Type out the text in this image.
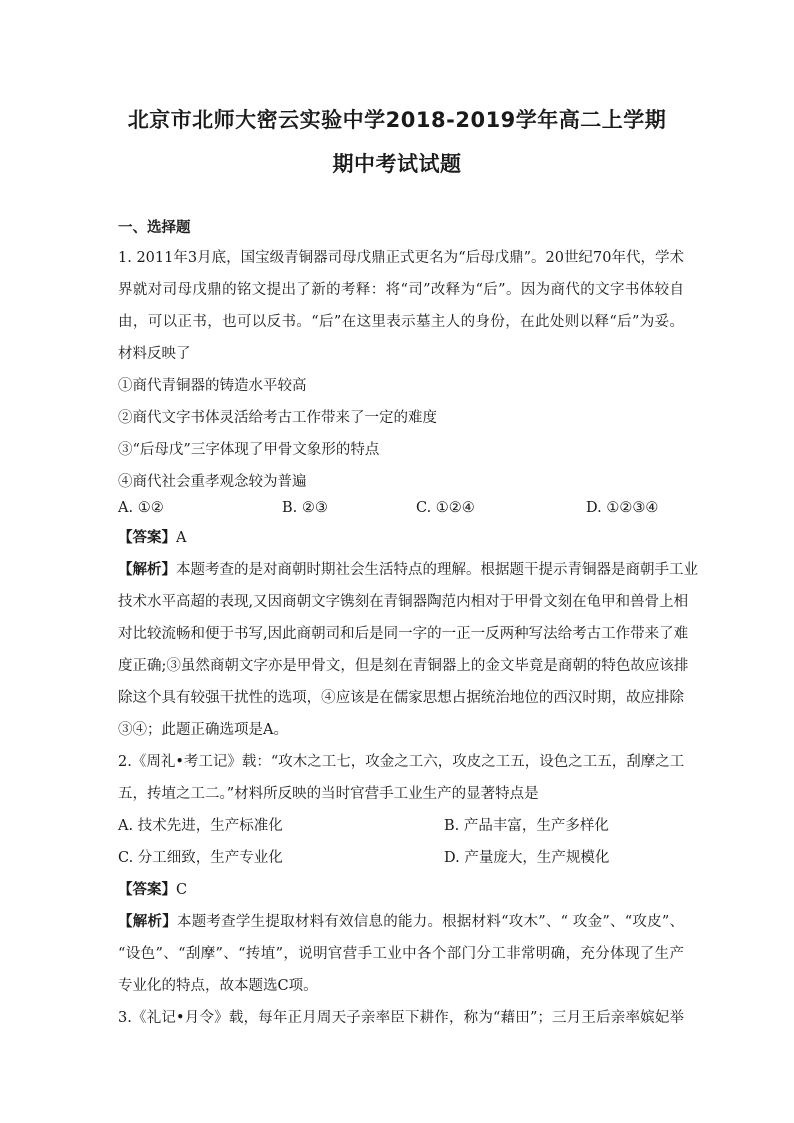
北京市北师大密云实验中学2018-2019学年高二上学期
期中考试试题
一、选择题
1. 2011年3月底，国宝级青铜器司母戊鼎正式更名为“后母戊鼎”。20世纪70年代，学术
界就对司母戊鼎的铭文提出了新的考释：将“司”改释为“后”。因为商代的文字书体较自
由，可以正书，也可以反书。“后”在这里表示墓主人的身份，在此处则以释“后”为妥。
材料反映了
①商代青铜器的铸造水平较高
②商代文字书体灵活给考古工作带来了一定的难度
③“后母戊”三字体现了甲骨文象形的特点
④商代社会重孝观念较为普遍
A. ①②	B. ②③	C. ①②④	D. ①②③④
【答案】A
【解析】本题考查的是对商朝时期社会生活特点的理解。根据题干提示青铜器是商朝手工业
技术水平高超的表现,又因商朝文字镌刻在青铜器陶范内相对于甲骨文刻在龟甲和兽骨上相
对比较流畅和便于书写,因此商朝司和后是同一字的一正一反两种写法给考古工作带来了难
度正确;③虽然商朝文字亦是甲骨文，但是刻在青铜器上的金文毕竟是商朝的特色故应该排
除这个具有较强干扰性的选项，④应该是在儒家思想占据统治地位的西汉时期，故应排除
③④；此题正确选项是A。
2.《周礼•考工记》载：“攻木之工七，攻金之工六，攻皮之工五，设色之工五，刮摩之工
五，抟埴之工二。”材料所反映的当时官营手工业生产的显著特点是
A. 技术先进，生产标准化	B. 产品丰富，生产多样化
C. 分工细致，生产专业化	D. 产量庞大，生产规模化
【答案】C
【解析】本题考查学生提取材料有效信息的能力。根据材料“攻木”、“ 攻金”、“攻皮”、
“设色”、“刮摩”、“抟埴”，说明官营手工业中各个部门分工非常明确，充分体现了生产
专业化的特点，故本题选C项。
3.《礼记•月令》载，每年正月周天子亲率臣下耕作，称为“藉田”；三月王后亲率嫔妃举
